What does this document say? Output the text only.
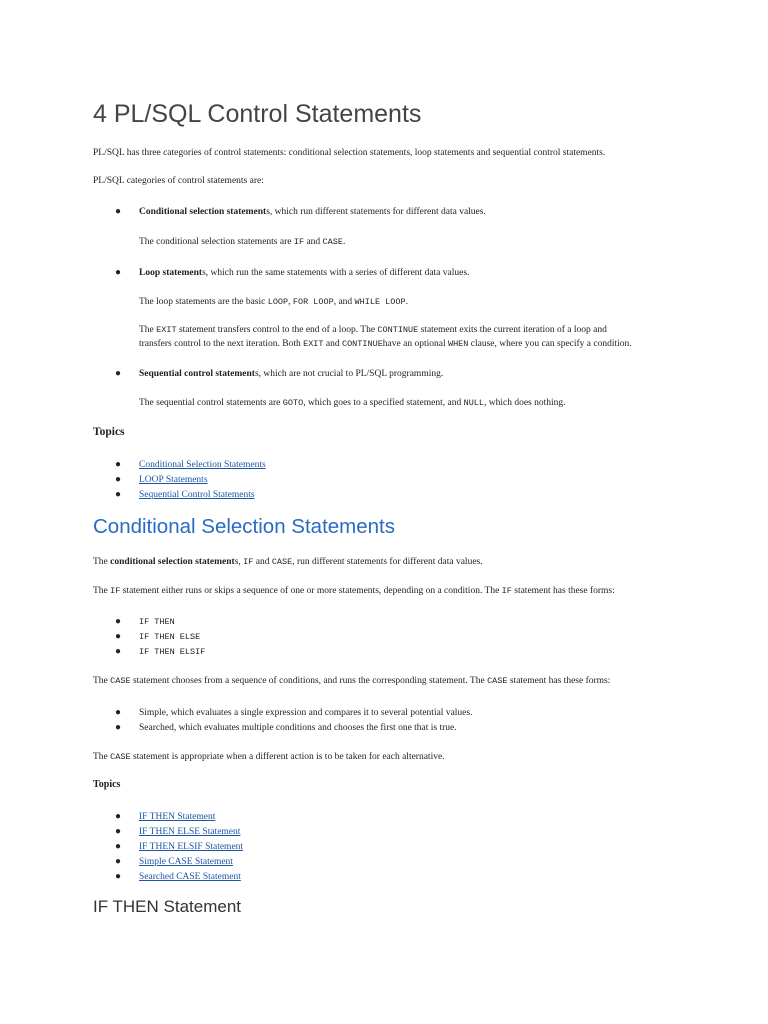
4 PL/SQL Control Statements

PL/SQL has three categories of control statements: conditional selection statements, loop statements and sequential control statements.

PL/SQL categories of control statements are:

● Conditional selection statements, which run different statements for different data values.

The conditional selection statements are IF and CASE.

● Loop statements, which run the same statements with a series of different data values.

The loop statements are the basic LOOP, FOR LOOP, and WHILE LOOP.

The EXIT statement transfers control to the end of a loop. The CONTINUE statement exits the current iteration of a loop and

transfers control to the next iteration. Both EXIT and CONTINUEhave an optional WHEN clause, where you can specify a condition.

● Sequential control statements, which are not crucial to PL/SQL programming.

The sequential control statements are GOTO, which goes to a specified statement, and NULL, which does nothing.

Topics

● Conditional Selection Statements

● LOOP Statements

● Sequential Control Statements

Conditional Selection Statements

The conditional selection statements, IF and CASE, run different statements for different data values.

The IF statement either runs or skips a sequence of one or more statements, depending on a condition. The IF statement has these forms:

● IF THEN

● IF THEN ELSE

● IF THEN ELSIF

The CASE statement chooses from a sequence of conditions, and runs the corresponding statement. The CASE statement has these forms:

● Simple, which evaluates a single expression and compares it to several potential values.

● Searched, which evaluates multiple conditions and chooses the first one that is true.

The CASE statement is appropriate when a different action is to be taken for each alternative.

Topics

● IF THEN Statement

● IF THEN ELSE Statement

● IF THEN ELSIF Statement

● Simple CASE Statement

● Searched CASE Statement

IF THEN Statement
